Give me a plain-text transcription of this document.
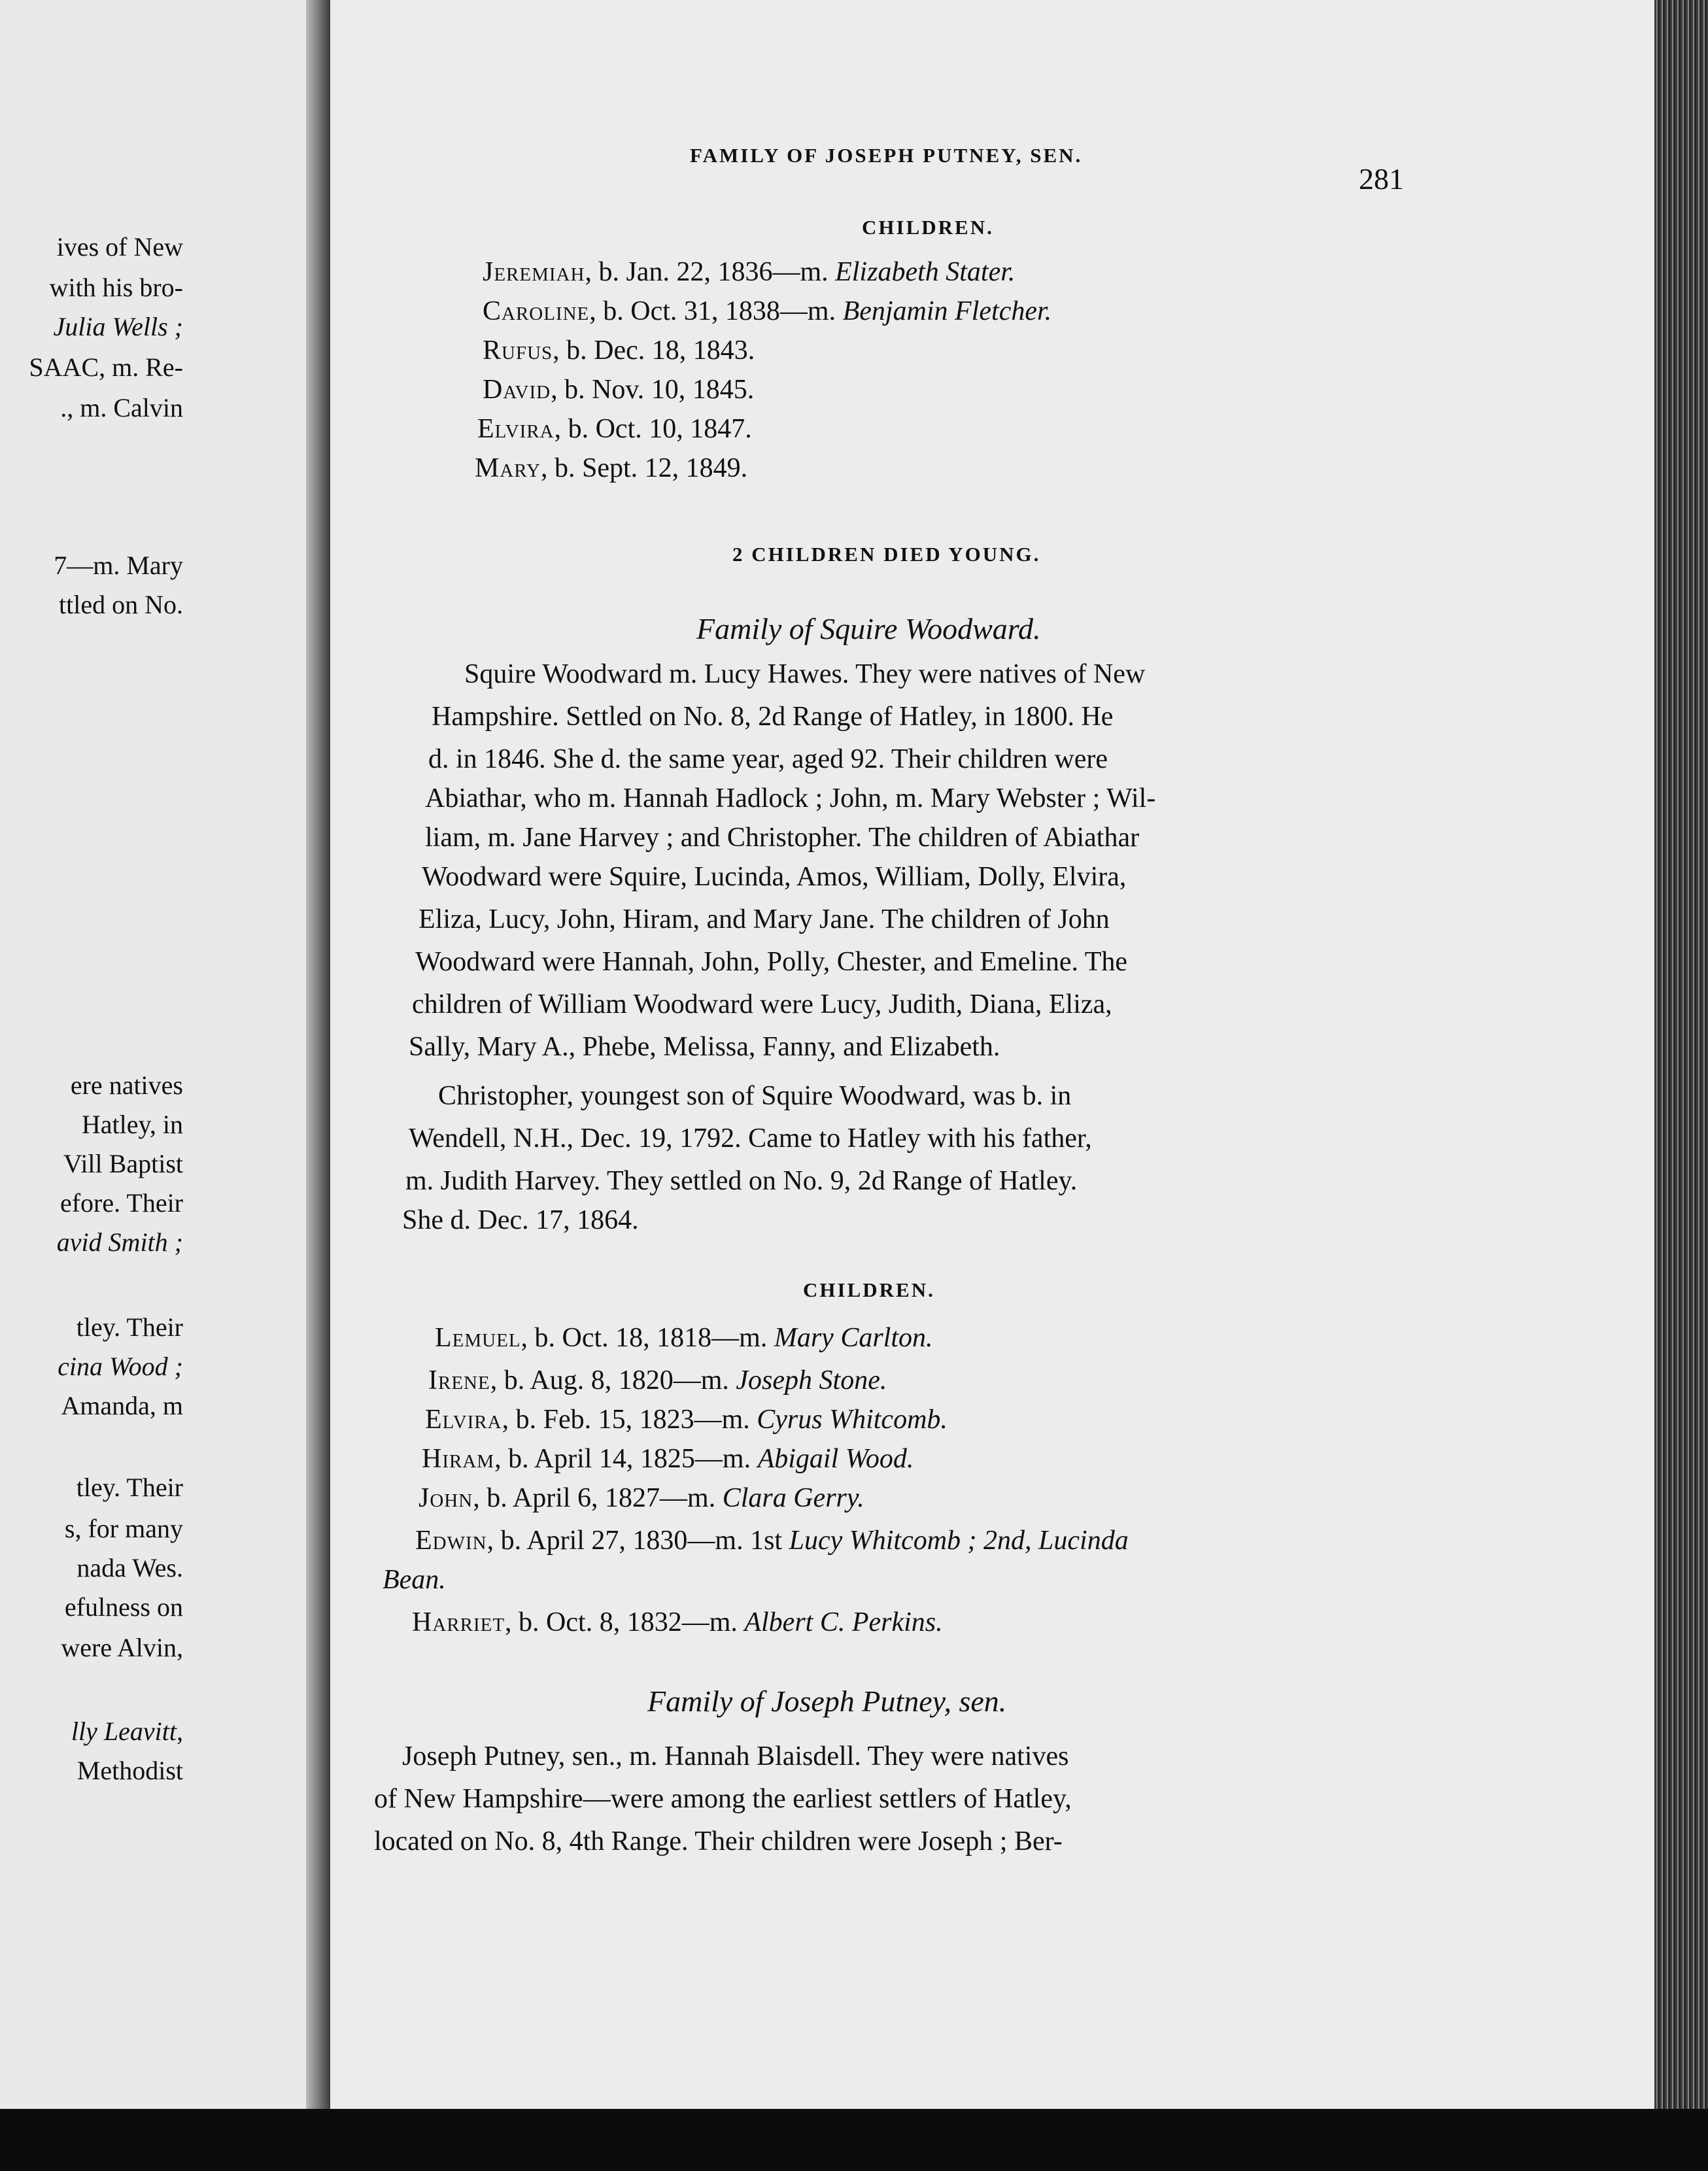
ives of New
with his bro-
Julia Wells ;
SAAC, m. Re-
., m. Calvin
7—m. Mary
ttled on No.
ere natives
Hatley, in
Vill Baptist
efore. Their
avid Smith ;
tley. Their
cina Wood ;
Amanda, m
tley. Their
s, for many
nada Wes.
efulness on
were Alvin,
lly Leavitt,
Methodist
FAMILY OF JOSEPH PUTNEY, SEN.
281
CHILDREN.
Jeremiah, b. Jan. 22, 1836—m. Elizabeth Stater.
Caroline, b. Oct. 31, 1838—m. Benjamin Fletcher.
Rufus, b. Dec. 18, 1843.
David, b. Nov. 10, 1845.
Elvira, b. Oct. 10, 1847.
Mary, b. Sept. 12, 1849.
2 CHILDREN DIED YOUNG.
Family of Squire Woodward.
Squire Woodward m. Lucy Hawes. They were natives of New
Hampshire. Settled on No. 8, 2d Range of Hatley, in 1800. He
d. in 1846. She d. the same year, aged 92. Their children were
Abiathar, who m. Hannah Hadlock ; John, m. Mary Webster ; Wil-
liam, m. Jane Harvey ; and Christopher. The children of Abiathar
Woodward were Squire, Lucinda, Amos, William, Dolly, Elvira,
Eliza, Lucy, John, Hiram, and Mary Jane. The children of John
Woodward were Hannah, John, Polly, Chester, and Emeline. The
children of William Woodward were Lucy, Judith, Diana, Eliza,
Sally, Mary A., Phebe, Melissa, Fanny, and Elizabeth.
Christopher, youngest son of Squire Woodward, was b. in
Wendell, N.H., Dec. 19, 1792. Came to Hatley with his father,
m. Judith Harvey. They settled on No. 9, 2d Range of Hatley.
She d. Dec. 17, 1864.
CHILDREN.
Lemuel, b. Oct. 18, 1818—m. Mary Carlton.
Irene, b. Aug. 8, 1820—m. Joseph Stone.
Elvira, b. Feb. 15, 1823—m. Cyrus Whitcomb.
Hiram, b. April 14, 1825—m. Abigail Wood.
John, b. April 6, 1827—m. Clara Gerry.
Edwin, b. April 27, 1830—m. 1st Lucy Whitcomb ; 2nd, Lucinda
Bean.
Harriet, b. Oct. 8, 1832—m. Albert C. Perkins.
Family of Joseph Putney, sen.
Joseph Putney, sen., m. Hannah Blaisdell. They were natives
of New Hampshire—were among the earliest settlers of Hatley,
located on No. 8, 4th Range. Their children were Joseph ; Ber-
